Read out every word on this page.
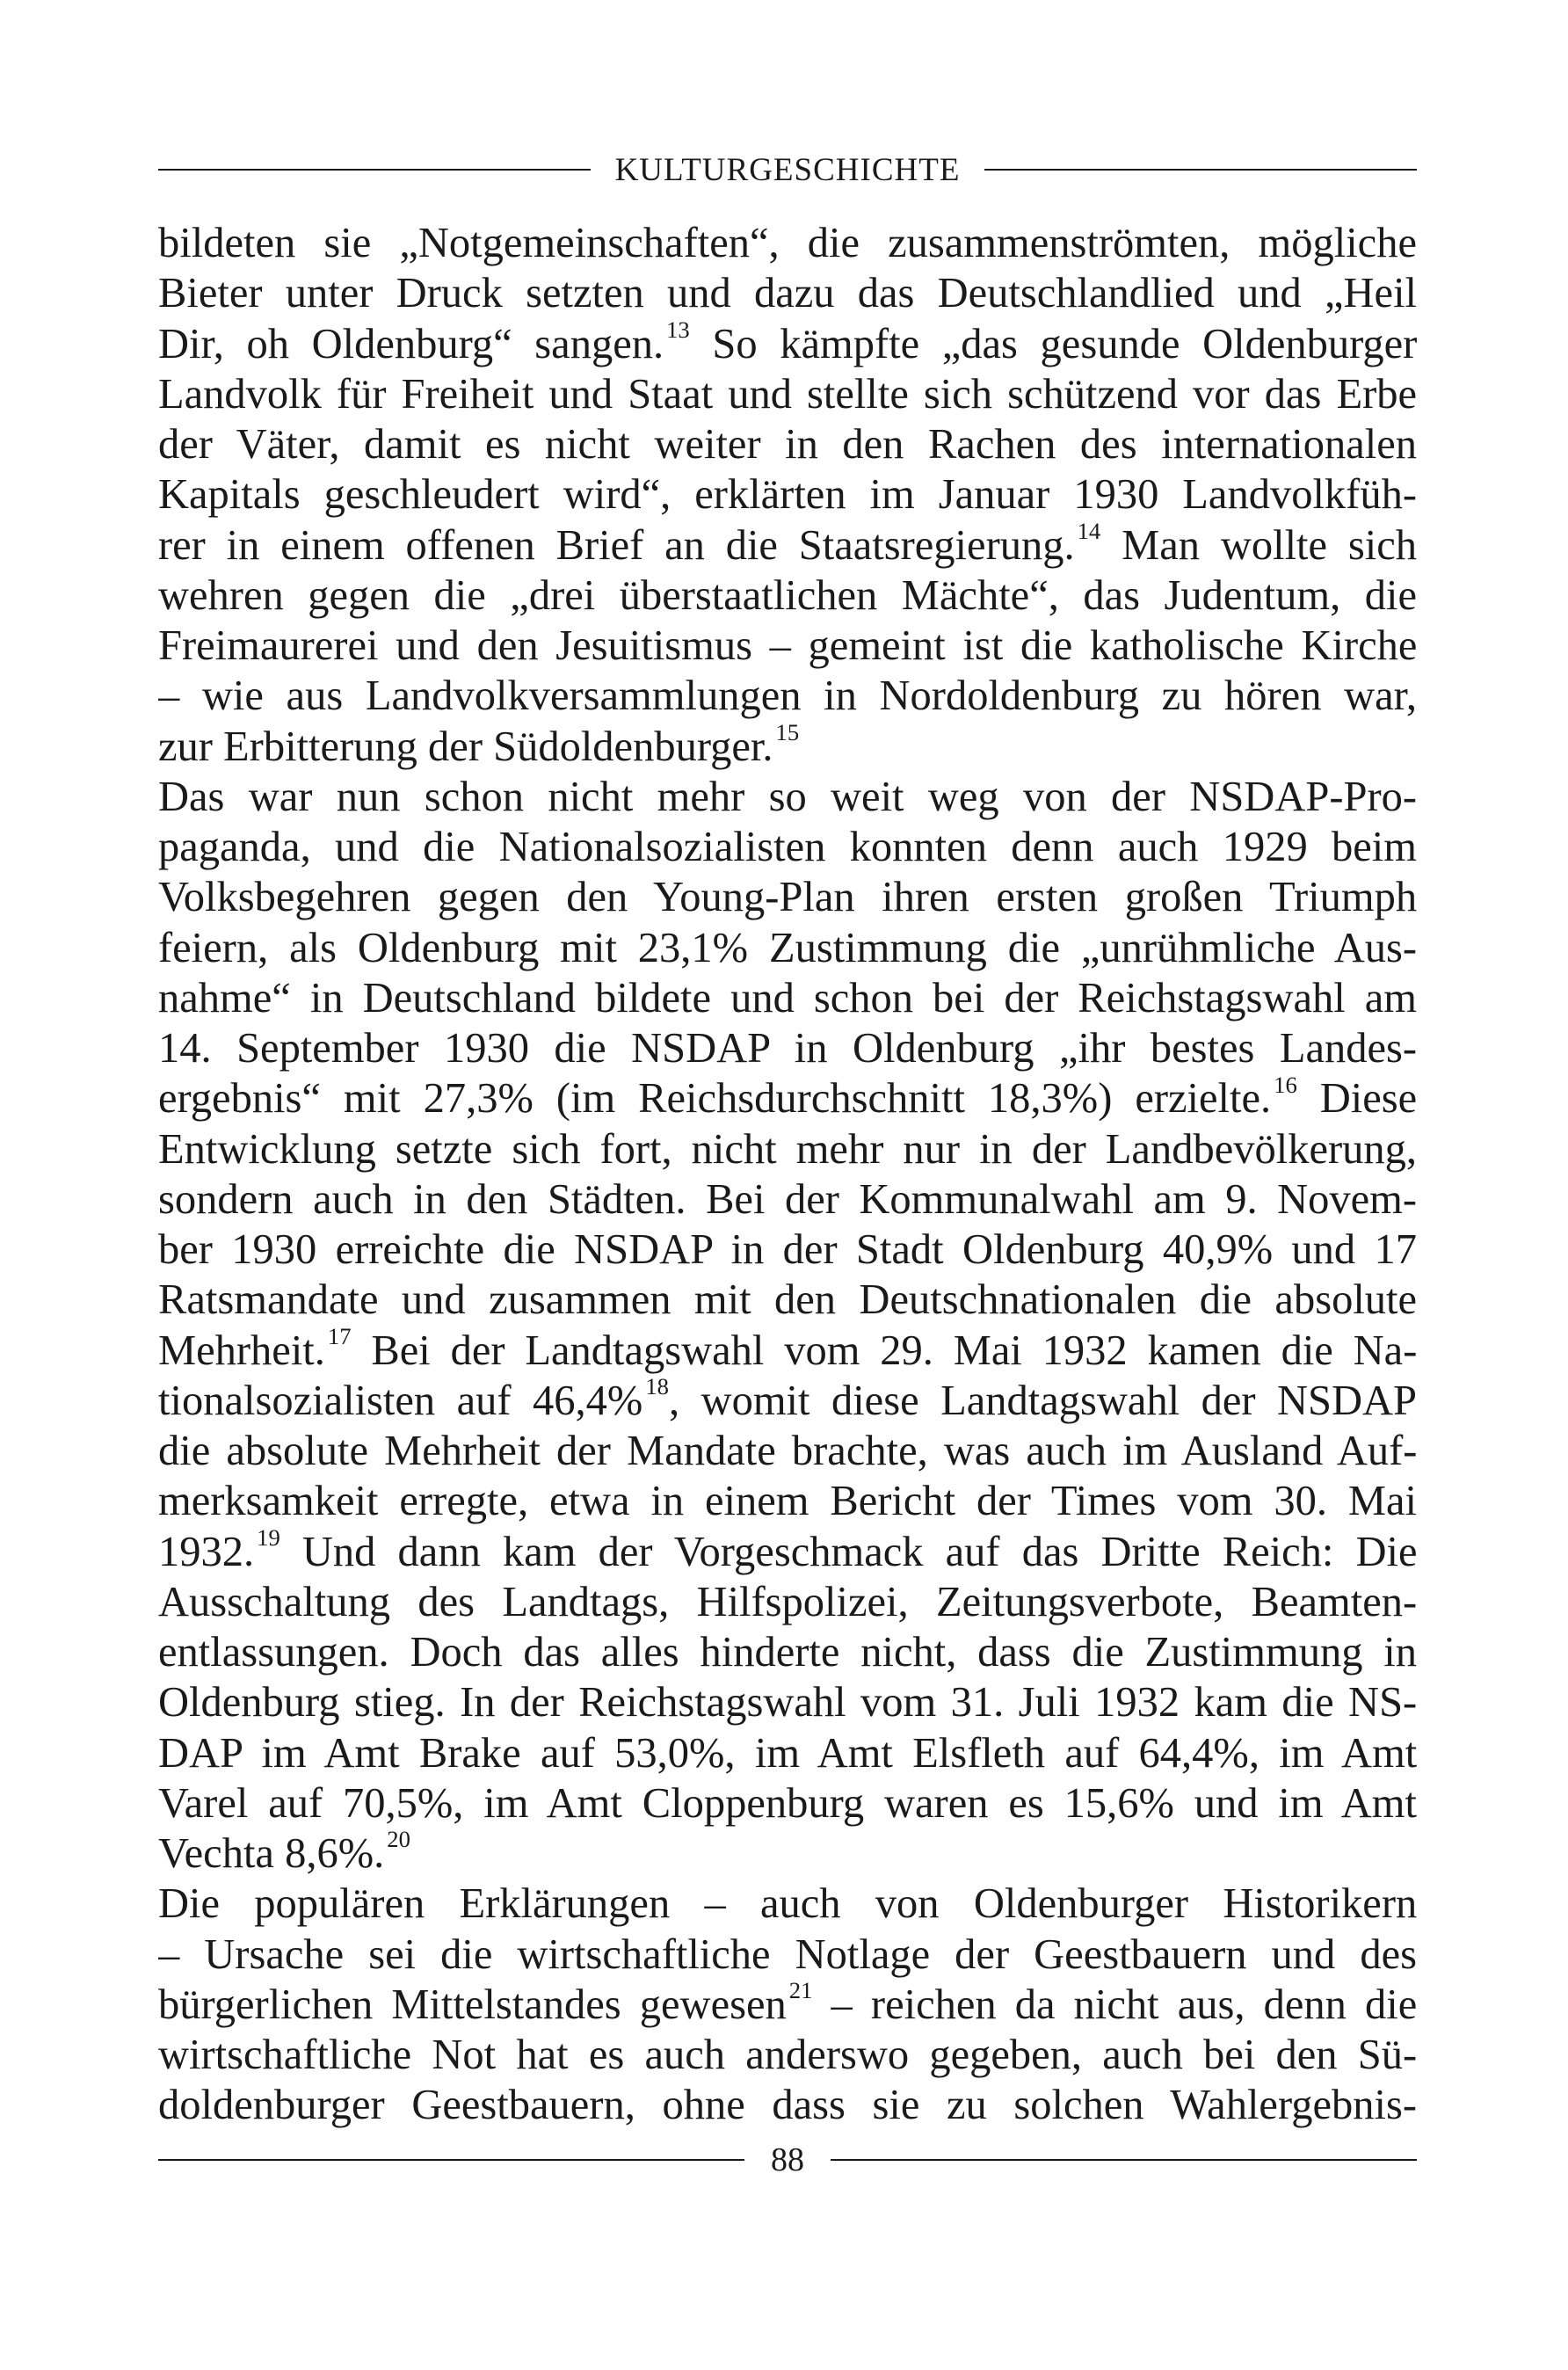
KULTURGESCHICHTE
bildeten sie „Notgemeinschaften“, die zusammenströmten, mögliche
Bieter unter Druck setzten und dazu das Deutschlandlied und „Heil
Dir, oh Oldenburg“ sangen. $^{13}$ So kämpfte „das gesunde Oldenburger
Landvolk für Freiheit und Staat und stellte sich schützend vor das Erbe
der Väter, damit es nicht weiter in den Rachen des internationalen
Kapitals geschleudert wird“, erklärten im Januar 1930 Landvolkfüh-
rer in einem offenen Brief an die Staatsregierung. $^{14}$ Man wollte sich
wehren gegen die „drei überstaatlichen Mächte“, das Judentum, die
Freimaurerei und den Jesuitismus – gemeint ist die katholische Kirche
– wie aus Landvolkversammlungen in Nordoldenburg zu hören war,
zur Erbitterung der Südoldenburger. $^{15}$
Das war nun schon nicht mehr so weit weg von der NSDAP-Pro-
paganda, und die Nationalsozialisten konnten denn auch 1929 beim
Volksbegehren gegen den Young-Plan ihren ersten großen Triumph
feiern, als Oldenburg mit 23,1% Zustimmung die „unrühmliche Aus-
nahme“ in Deutschland bildete und schon bei der Reichstagswahl am
14. September 1930 die NSDAP in Oldenburg „ihr bestes Landes-
ergebnis“ mit 27,3% (im Reichsdurchschnitt 18,3%) erzielte. $^{16}$ Diese
Entwicklung setzte sich fort, nicht mehr nur in der Landbevölkerung,
sondern auch in den Städten. Bei der Kommunalwahl am 9. Novem-
ber 1930 erreichte die NSDAP in der Stadt Oldenburg 40,9% und 17
Ratsmandate und zusammen mit den Deutschnationalen die absolute
Mehrheit. $^{17}$ Bei der Landtagswahl vom 29. Mai 1932 kamen die Na-
tionalsozialisten auf 46,4% $^{18}$, womit diese Landtagswahl der NSDAP
die absolute Mehrheit der Mandate brachte, was auch im Ausland Auf-
merksamkeit erregte, etwa in einem Bericht der Times vom 30. Mai
1932. $^{19}$ Und dann kam der Vorgeschmack auf das Dritte Reich: Die
Ausschaltung des Landtags, Hilfspolizei, Zeitungsverbote, Beamten-
entlassungen. Doch das alles hinderte nicht, dass die Zustimmung in
Oldenburg stieg. In der Reichstagswahl vom 31. Juli 1932 kam die NS-
DAP im Amt Brake auf 53,0%, im Amt Elsfleth auf 64,4%, im Amt
Varel auf 70,5%, im Amt Cloppenburg waren es 15,6% und im Amt
Vechta 8,6%. $^{20}$
Die populären Erklärungen – auch von Oldenburger Historikern
– Ursache sei die wirtschaftliche Notlage der Geestbauern und des
bürgerlichen Mittelstandes gewesen $^{21}$ – reichen da nicht aus, denn die
wirtschaftliche Not hat es auch anderswo gegeben, auch bei den Sü-
doldenburger Geestbauern, ohne dass sie zu solchen Wahlergebnis-
88
